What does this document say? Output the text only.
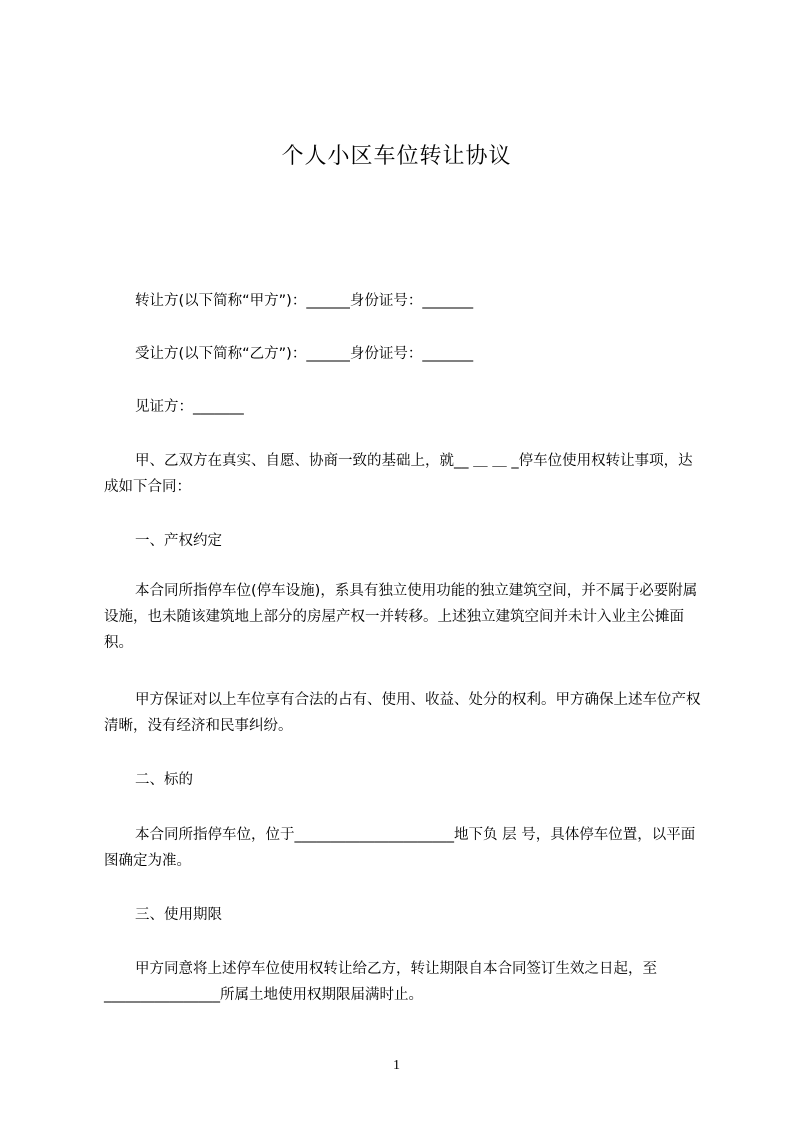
个人小区车位转让协议
转让方(以下简称“甲方”)：______身份证号：_______
受让方(以下简称“乙方”)：______身份证号：_______
见证方：_______
甲、乙双方在真实、自愿、协商一致的基础上，就__ ＿ ＿ _停车位使用权转让事项，达成如下合同：
一、产权约定
本合同所指停车位(停车设施)，系具有独立使用功能的独立建筑空间，并不属于必要附属设施，也未随该建筑地上部分的房屋产权一并转移。上述独立建筑空间并未计入业主公摊面积。
甲方保证对以上车位享有合法的占有、使用、收益、处分的权利。甲方确保上述车位产权清晰，没有经济和民事纠纷。
二、标的
本合同所指停车位，位于______________________地下负 层 号，具体停车位置，以平面图确定为准。
三、使用期限
甲方同意将上述停车位使用权转让给乙方，转让期限自本合同签订生效之日起，至________________所属土地使用权期限届满时止。
1
